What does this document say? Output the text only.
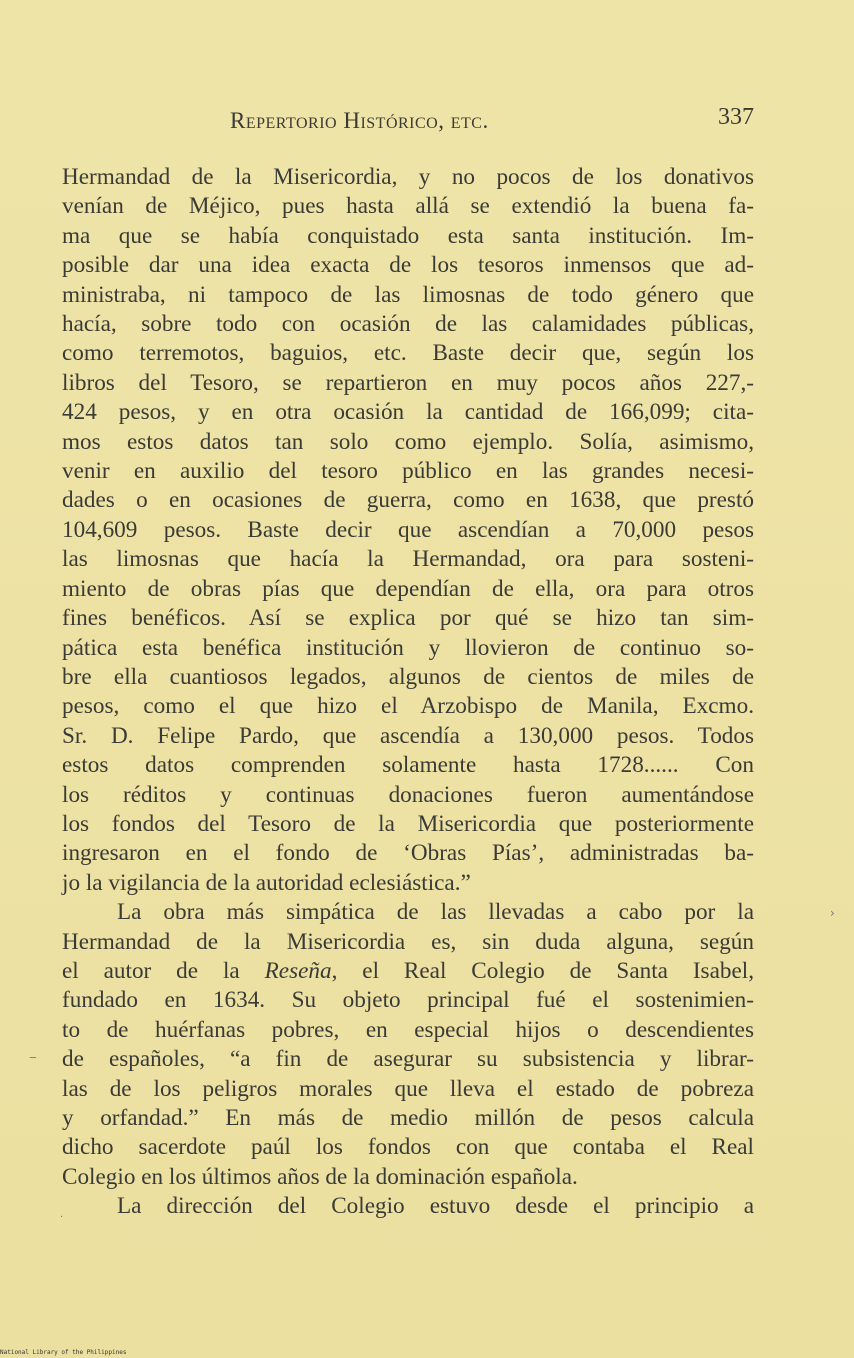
Repertorio Histórico, etc.	337
Hermandad de la Misericordia, y no pocos de los donativos
venían de Méjico, pues hasta allá se extendió la buena fa-
ma que se había conquistado esta santa institución. Im-
posible dar una idea exacta de los tesoros inmensos que ad-
ministraba, ni tampoco de las limosnas de todo género que
hacía, sobre todo con ocasión de las calamidades públicas,
como terremotos, baguios, etc. Baste decir que, según los
libros del Tesoro, se repartieron en muy pocos años 227,-
424 pesos, y en otra ocasión la cantidad de 166,099; cita-
mos estos datos tan solo como ejemplo. Solía, asimismo,
venir en auxilio del tesoro público en las grandes necesi-
dades o en ocasiones de guerra, como en 1638, que prestó
104,609 pesos. Baste decir que ascendían a 70,000 pesos
las limosnas que hacía la Hermandad, ora para sosteni-
miento de obras pías que dependían de ella, ora para otros
fines benéficos. Así se explica por qué se hizo tan sim-
pática esta benéfica institución y llovieron de continuo so-
bre ella cuantiosos legados, algunos de cientos de miles de
pesos, como el que hizo el Arzobispo de Manila, Excmo.
Sr. D. Felipe Pardo, que ascendía a 130,000 pesos. Todos
estos datos comprenden solamente hasta 1728...... Con
los réditos y continuas donaciones fueron aumentándose
los fondos del Tesoro de la Misericordia que posteriormente
ingresaron en el fondo de ‘Obras Pías’, administradas ba-
jo la vigilancia de la autoridad eclesiástica.”
La obra más simpática de las llevadas a cabo por la
Hermandad de la Misericordia es, sin duda alguna, según
el autor de la Reseña, el Real Colegio de Santa Isabel,
fundado en 1634. Su objeto principal fué el sostenimien-
to de huérfanas pobres, en especial hijos o descendientes
de españoles, “a fin de asegurar su subsistencia y librar-
las de los peligros morales que lleva el estado de pobreza
y orfandad.” En más de medio millón de pesos calcula
dicho sacerdote paúl los fondos con que contaba el Real
Colegio en los últimos años de la dominación española.
La dirección del Colegio estuvo desde el principio a
›
_
·
National Library of the Philippines
